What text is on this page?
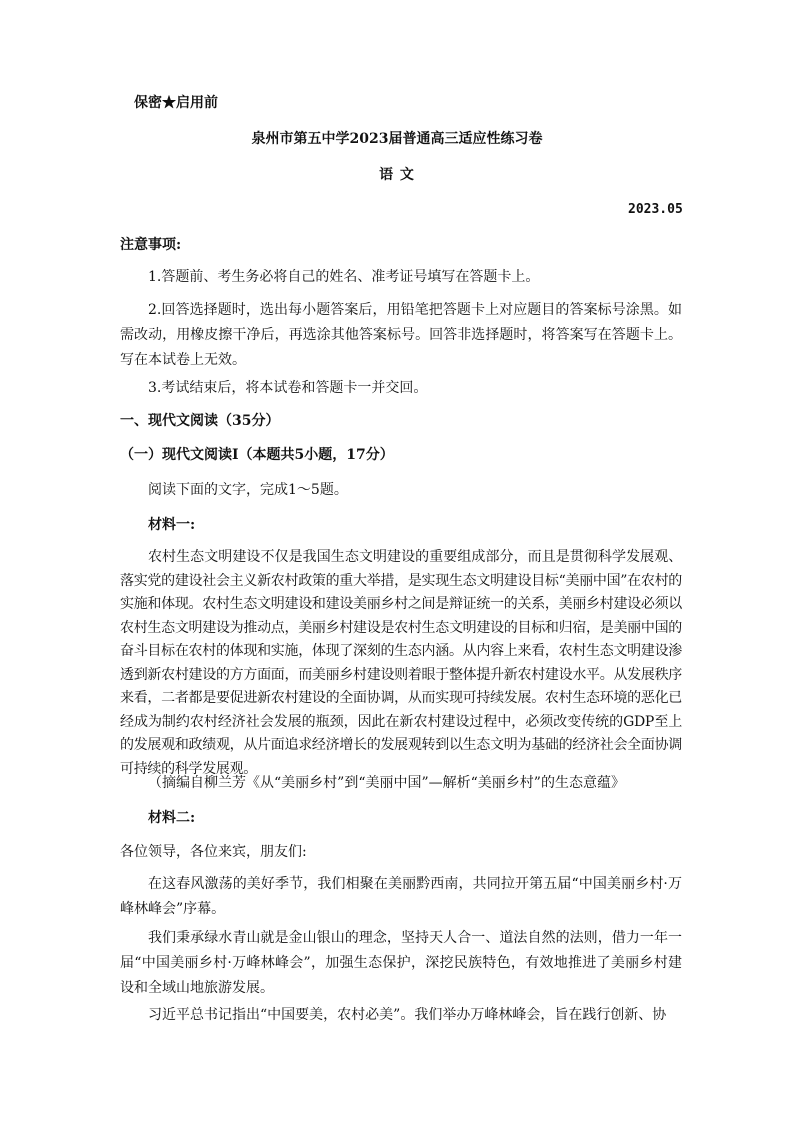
保密★启用前
泉州市第五中学2023届普通高三适应性练习卷
语 文
2023.05
注意事项:

1.答题前、考生务必将自己的姓名、准考证号填写在答题卡上。

2.回答选择题时，选出每小题答案后，用铅笔把答题卡上对应题目的答案标号涂黑。如需改动，用橡皮擦干净后，再选涂其他答案标号。回答非选择题时，将答案写在答题卡上。写在本试卷上无效。

3.考试结束后，将本试卷和答题卡一并交回。

一、现代文阅读（35分）
（一）现代文阅读Ⅰ（本题共5小题，17分）
阅读下面的文字，完成1～5题。
材料一:

农村生态文明建设不仅是我国生态文明建设的重要组成部分，而且是贯彻科学发展观、落实党的建设社会主义新农村政策的重大举措，是实现生态文明建设目标“美丽中国”在农村的实施和体现。农村生态文明建设和建设美丽乡村之间是辩证统一的关系，美丽乡村建设必须以农村生态文明建设为推动点，美丽乡村建设是农村生态文明建设的目标和归宿，是美丽中国的奋斗目标在农村的体现和实施，体现了深刻的生态内涵。从内容上来看，农村生态文明建设渗透到新农村建设的方方面面，而美丽乡村建设则着眼于整体提升新农村建设水平。从发展秩序来看，二者都是要促进新农村建设的全面协调，从而实现可持续发展。农村生态环境的恶化已经成为制约农村经济社会发展的瓶颈，因此在新农村建设过程中，必须改变传统的GDP至上的发展观和政绩观，从片面追求经济增长的发展观转到以生态文明为基础的经济社会全面协调可持续的科学发展观。

（摘编自柳兰芳《从“美丽乡村”到“美丽中国”—解析“美丽乡村”的生态意蕴》
材料二:
各位领导，各位来宾，朋友们:

在这春风激荡的美好季节，我们相聚在美丽黔西南，共同拉开第五届“中国美丽乡村·万峰林峰会”序幕。

我们秉承绿水青山就是金山银山的理念，坚持天人合一、道法自然的法则，借力一年一届“中国美丽乡村·万峰林峰会”，加强生态保护，深挖民族特色，有效地推进了美丽乡村建设和全域山地旅游发展。

习近平总书记指出“中国要美，农村必美”。我们举办万峰林峰会，旨在践行创新、协
